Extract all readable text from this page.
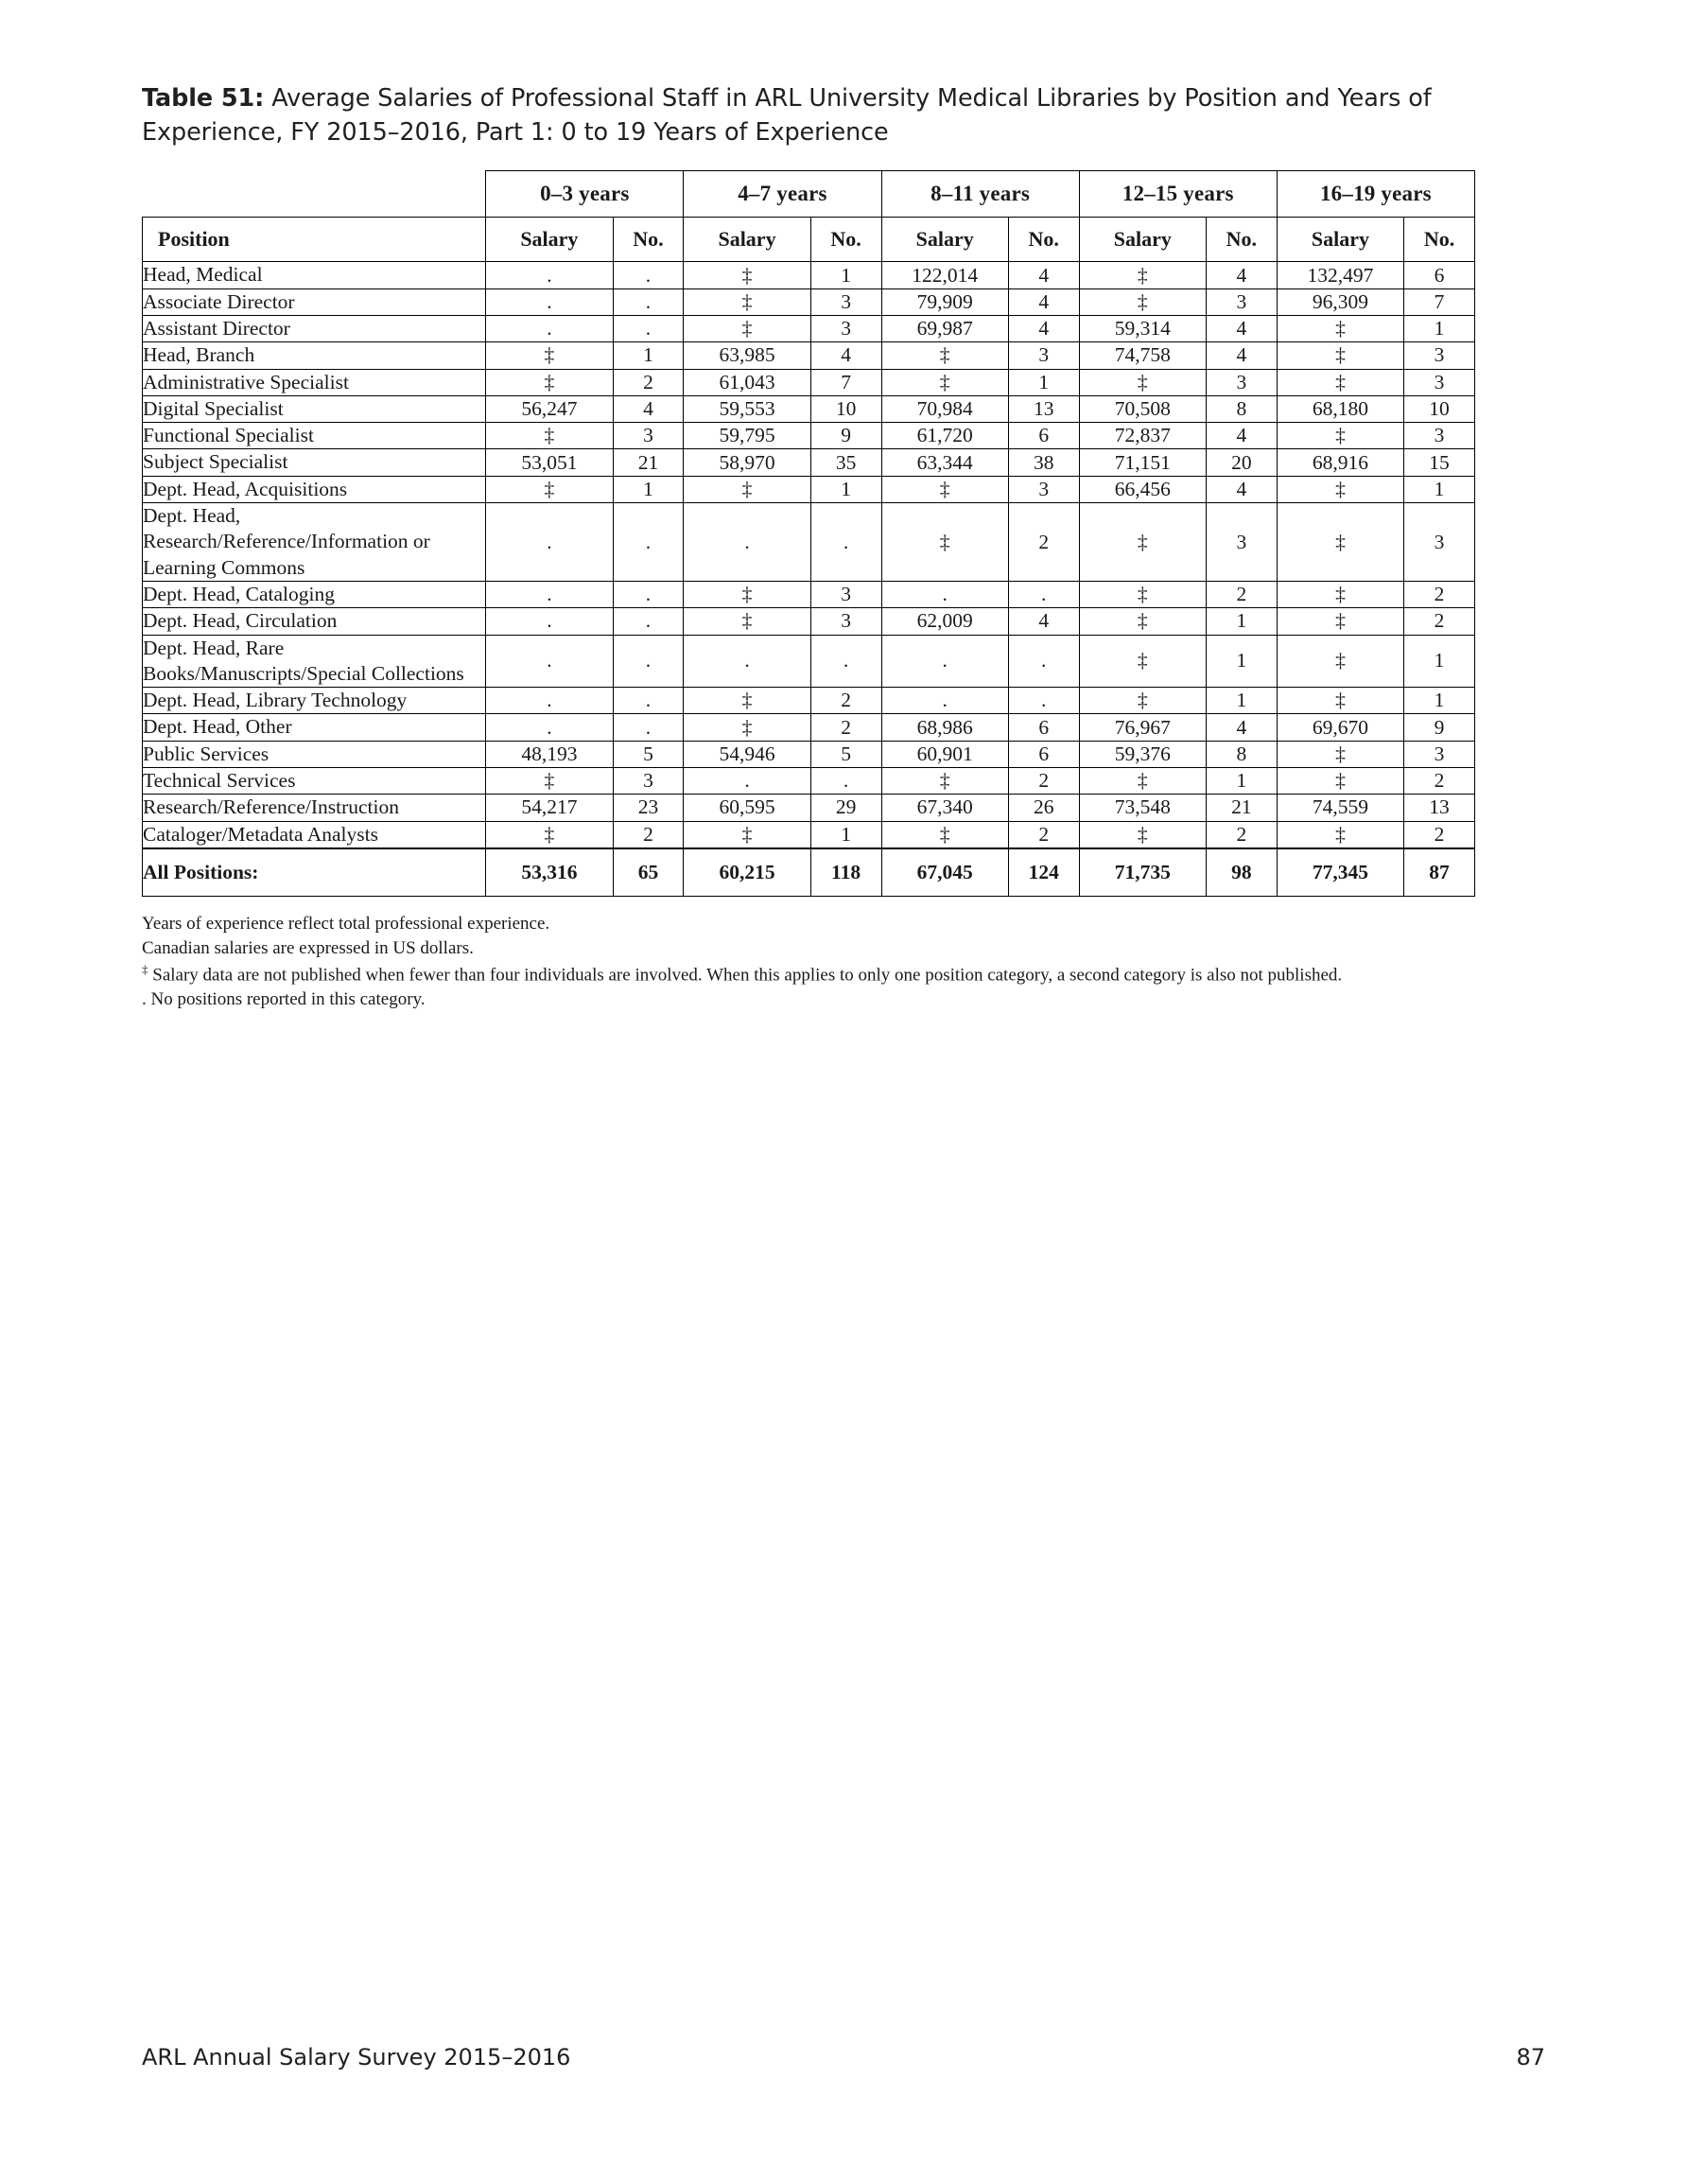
Table 51: Average Salaries of Professional Staff in ARL University Medical Libraries by Position and Years of Experience, FY 2015–2016, Part 1: 0 to 19 Years of Experience
	0–3 years		4–7 years		8–11 years		12–15 years		16–19 years	
Position	Salary	No.	Salary	No.	Salary	No.	Salary	No.	Salary	No.
Head, Medical	.	.	‡	1	122,014	4	‡	4	132,497	6
Associate Director	.	.	‡	3	79,909	4	‡	3	96,309	7
Assistant Director	.	.	‡	3	69,987	4	59,314	4	‡	1
Head, Branch	‡	1	63,985	4	‡	3	74,758	4	‡	3
Administrative Specialist	‡	2	61,043	7	‡	1	‡	3	‡	3
Digital Specialist	56,247	4	59,553	10	70,984	13	70,508	8	68,180	10
Functional Specialist	‡	3	59,795	9	61,720	6	72,837	4	‡	3
Subject Specialist	53,051	21	58,970	35	63,344	38	71,151	20	68,916	15
Dept. Head, Acquisitions	‡	1	‡	1	‡	3	66,456	4	‡	1
Dept. Head, Research/Reference/Information or Learning Commons	.	.	.	.	‡	2	‡	3	‡	3
Dept. Head, Cataloging	.	.	‡	3	.	.	‡	2	‡	2
Dept. Head, Circulation	.	.	‡	3	62,009	4	‡	1	‡	2
Dept. Head, Rare Books/Manuscripts/Special Collections	.	.	.	.	.	.	‡	1	‡	1
Dept. Head, Library Technology	.	.	‡	2	.	.	‡	1	‡	1
Dept. Head, Other	.	.	‡	2	68,986	6	76,967	4	69,670	9
Public Services	48,193	5	54,946	5	60,901	6	59,376	8	‡	3
Technical Services	‡	3	.	.	‡	2	‡	1	‡	2
Research/Reference/Instruction	54,217	23	60,595	29	67,340	26	73,548	21	74,559	13
Cataloger/Metadata Analysts	‡	2	‡	1	‡	2	‡	2	‡	2
All Positions:	53,316	65	60,215	118	67,045	124	71,735	98	77,345	87

Years of experience reflect total professional experience.

Canadian salaries are expressed in US dollars.

‡ Salary data are not published when fewer than four individuals are involved. When this applies to only one position category, a second category is also not published.

. No positions reported in this category.

ARL Annual Salary Survey 2015–2016	87
